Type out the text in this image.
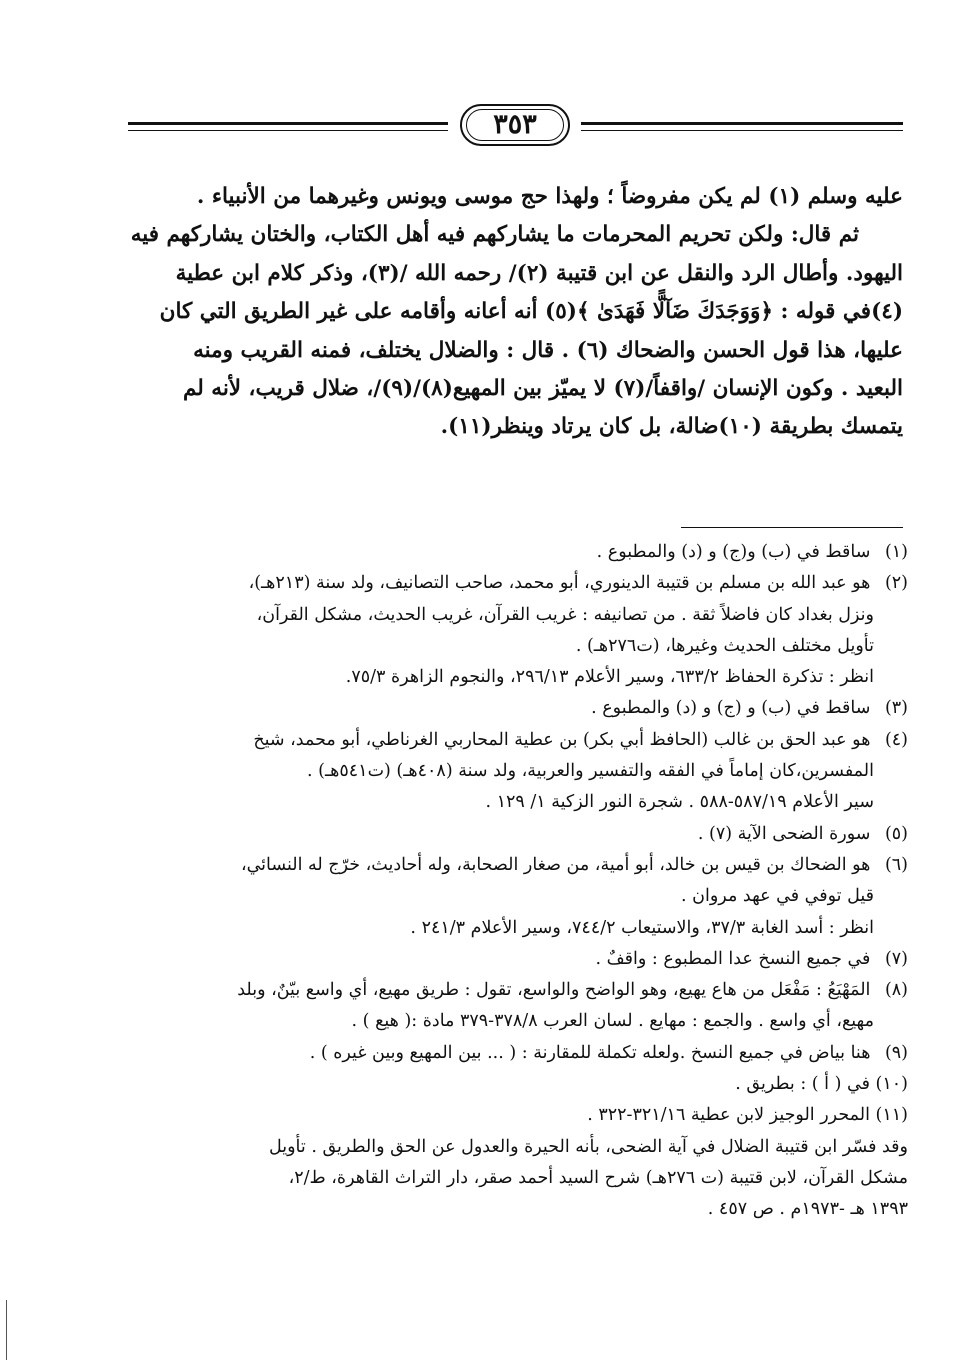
٣٥٣

عليه وسلم (١) لم يكن مفروضاً ؛ ولهذا حج موسى ويونس وغيرهما من الأنبياء .

ثم قال: ولكن تحريم المحرمات ما يشاركهم فيه أهل الكتاب، والختان يشاركهم فيه

اليهود. وأطال الرد والنقل عن ابن قتيبة (٢)/ رحمه الله /(٣)، وذكر كلام ابن عطية

(٤)في قوله : ﴿وَوَجَدَكَ ضَآلًّا فَهَدَىٰ ﴾(٥) أنه أعانه وأقامه على غير الطريق التي كان

عليها، هذا قول الحسن والضحاك (٦) . قال : والضلال يختلف، فمنه القريب ومنه

البعيد . وكون الإنسان /واقفاً/(٧) لا يميّز بين المهيع(٨)/(٩)/، ضلال قريب، لأنه لم

يتمسك بطريقة (١٠)ضالة، بل كان يرتاد وينظر(١١).

(١) ساقط في (ب) و(ج) و (د) والمطبوع .

(٢) هو عبد الله بن مسلم بن قتيبة الدينوري، أبو محمد، صاحب التصانيف، ولد سنة (٢١٣هـ)،

ونزل بغداد كان فاضلاً ثقة . من تصانيفه : غريب القرآن، غريب الحديث، مشكل القرآن،

تأويل مختلف الحديث وغيرها، (ت٢٧٦هـ) .

انظر : تذكرة الحفاظ ٦٣٣/٢، وسير الأعلام ٢٩٦/١٣، والنجوم الزاهرة ٧٥/٣.

(٣) ساقط في (ب) و (ج) و (د) والمطبوع .

(٤) هو عبد الحق بن غالب (الحافظ أبي بكر) بن عطية المحاربي الغرناطي، أبو محمد، شيخ

المفسرين،كان إماماً في الفقه والتفسير والعربية، ولد سنة (٤٠٨هـ) (ت٥٤١هـ) .

سير الأعلام ٥٨٧/١٩-٥٨٨ . شجرة النور الزكية ١/ ١٢٩ .

(٥) سورة الضحى الآية (٧) .

(٦) هو الضحاك بن قيس بن خالد، أبو أمية، من صغار الصحابة، وله أحاديث، خرّج له النسائي،

قيل توفي في عهد مروان .

انظر : أسد الغابة ٣٧/٣، والاستيعاب ٧٤٤/٢، وسير الأعلام ٢٤١/٣ .

(٧) في جميع النسخ عدا المطبوع : واقفٌ .

(٨) المَهْيَعُ : مَفْعَل من هاع يهيع، وهو الواضح والواسع، تقول : طريق مهيع، أي واسع بيّنٌ، وبلد

مهيع، أي واسع . والجمع : مهايع . لسان العرب ٣٧٨/٨-٣٧٩ مادة :( هيع ) .

(٩) هنا بياض في جميع النسخ .ولعله تكملة للمقارنة : ( ... بين المهيع وبين غيره ) .

(١٠) في ( أ ) : بطريق .

(١١) المحرر الوجيز لابن عطية ٣٢١/١٦-٣٢٢ .

وقد فسّر ابن قتيبة الضلال في آية الضحى، بأنه الحيرة والعدول عن الحق والطريق . تأويل

مشكل القرآن، لابن قتيبة (ت ٢٧٦هـ) شرح السيد أحمد صقر، دار التراث القاهرة، ط/٢،

١٣٩٣ هـ -١٩٧٣م . ص ٤٥٧ .
